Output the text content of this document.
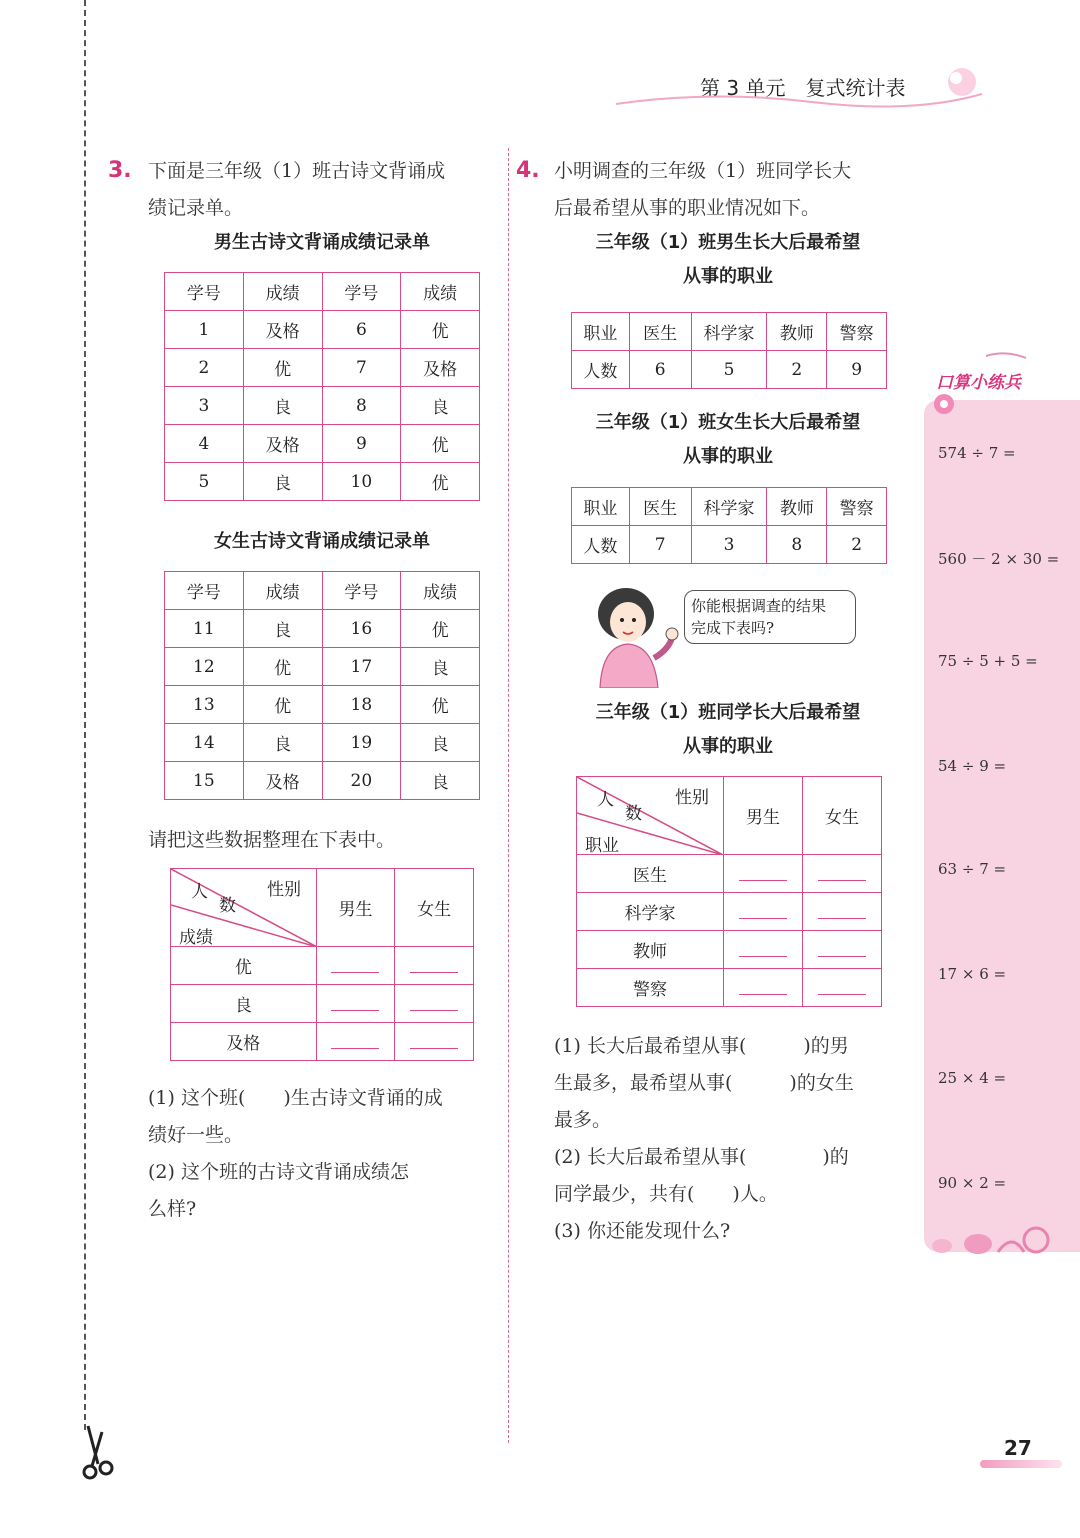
第 3 单元 复式统计表
3. 下面是三年级（1）班古诗文背诵成
绩记录单。
男生古诗文背诵成绩记录单
学号	成绩	学号	成绩
1	及格	6	优
2	优	7	及格
3	良	8	良
4	及格	9	优
5	良	10	优
女生古诗文背诵成绩记录单
学号	成绩	学号	成绩
11	良	16	优
12	优	17	良
13	优	18	优
14	良	19	良
15	及格	20	良
请把这些数据整理在下表中。
人
数
性别
成绩	男生	女生
优		
良		
及格		
(1) 这个班(　　)生古诗文背诵的成
绩好一些。
(2) 这个班的古诗文背诵成绩怎
么样?
4. 小明调查的三年级（1）班同学长大
后最希望从事的职业情况如下。
三年级（1）班男生长大后最希望
从事的职业
职业	医生	科学家	教师	警察
人数	6	5	2	9
三年级（1）班女生长大后最希望
从事的职业
职业	医生	科学家	教师	警察
人数	7	3	8	2
你能根据调查的结果
完成下表吗?
三年级（1）班同学长大后最希望
从事的职业
人
数
性别
职业	男生	女生
医生		
科学家		
教师		
警察		
(1) 长大后最希望从事(　　　)的男
生最多，最希望从事(　　　)的女生
最多。
(2) 长大后最希望从事(　　　　)的
同学最少，共有(　　)人。
(3) 你还能发现什么?
口算小练兵
574 ÷ 7 =
560 － 2 × 30 =
75 ÷ 5 + 5 =
54 ÷ 9 =
63 ÷ 7 =
17 × 6 =
25 × 4 =
90 × 2 =
27
